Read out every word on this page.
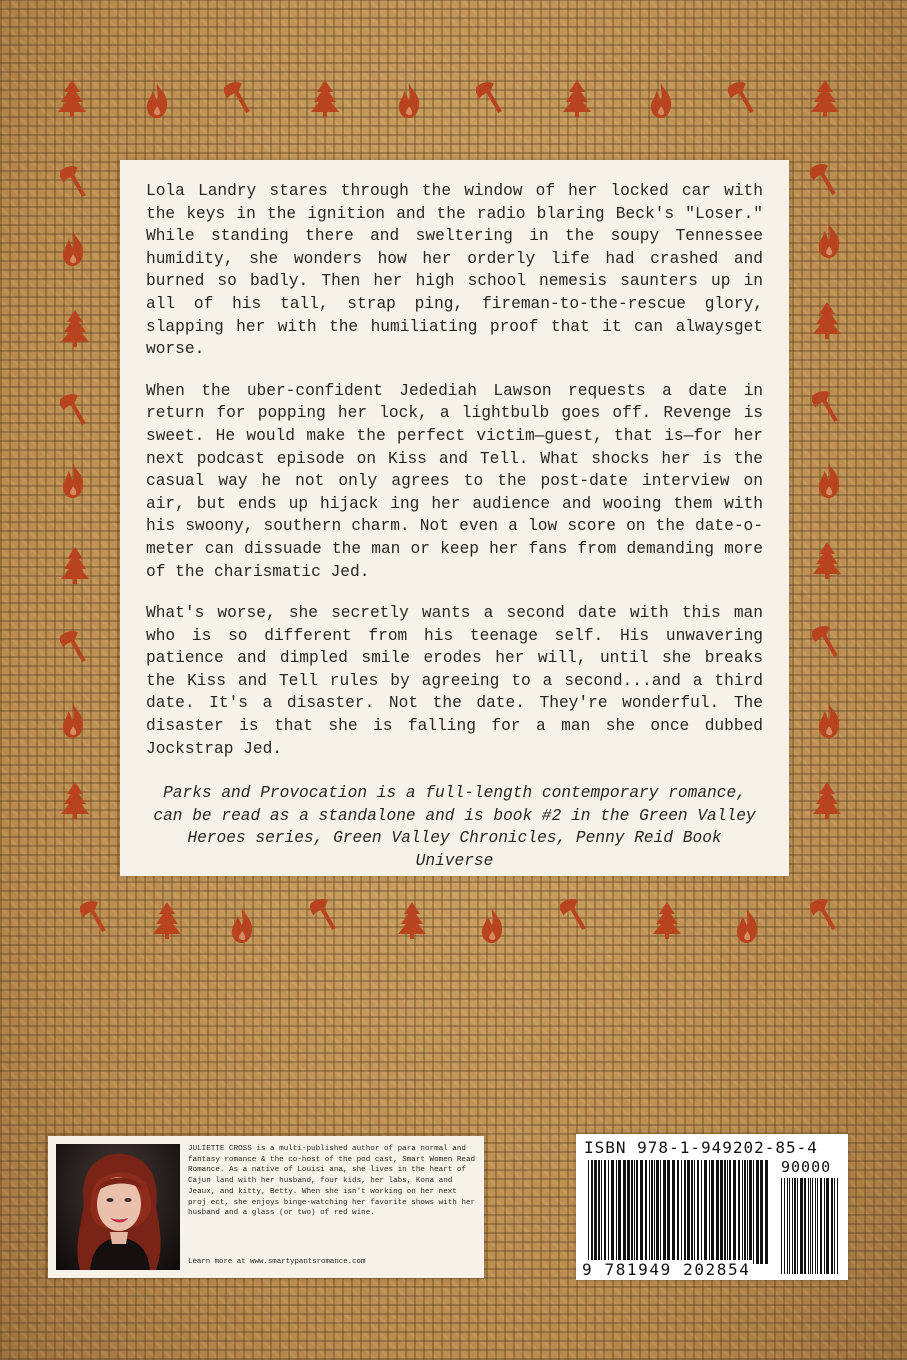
Lola Landry stares through the window of her locked car with the keys in the ignition and the radio blaring Beck's "Loser." While standing there and sweltering in the soupy Tennessee humidity, she wonders how her orderly life had crashed and burned so badly. Then her high school nemesis saunters up in all of his tall, strap ping, fireman-to-the-rescue glory, slapping her with the humiliating proof that it can alwaysget worse.

When the uber-confident Jedediah Lawson requests a date in return for popping her lock, a lightbulb goes off. Revenge is sweet. He would make the perfect victim—guest, that is—for her next podcast episode on Kiss and Tell. What shocks her is the casual way he not only agrees to the post-date interview on air, but ends up hijack ing her audience and wooing them with his swoony, southern charm. Not even a low score on the date-o-meter can dissuade the man or keep her fans from demanding more of the charismatic Jed.

What's worse, she secretly wants a second date with this man who is so different from his teenage self. His unwavering patience and dimpled smile erodes her will, until she breaks the Kiss and Tell rules by agreeing to a second...and a third date. It's a disaster. Not the date. They're wonderful. The disaster is that she is falling for a man she once dubbed Jockstrap Jed.

Parks and Provocation is a full-length contemporary romance, can be read as a standalone and is book #2 in the Green Valley Heroes series, Green Valley Chronicles, Penny Reid Book Universe

JULIETTE CROSS is a multi-published author of para normal and fantasy romance & the co-host of the pod cast, Smart Women Read Romance. As a native of Louisi ana, she lives in the heart of Cajun land with her husband, four kids, her labs, Kona and Jeaux, and kitty, Betty. When she isn't working on her next proj ect, she enjoys binge-watching her favorite shows with her husband and a glass (or two) of red wine.

Learn more at www.smartypantsromance.com

ISBN 978-1-949202-85-4

90000

9 781949 202854
